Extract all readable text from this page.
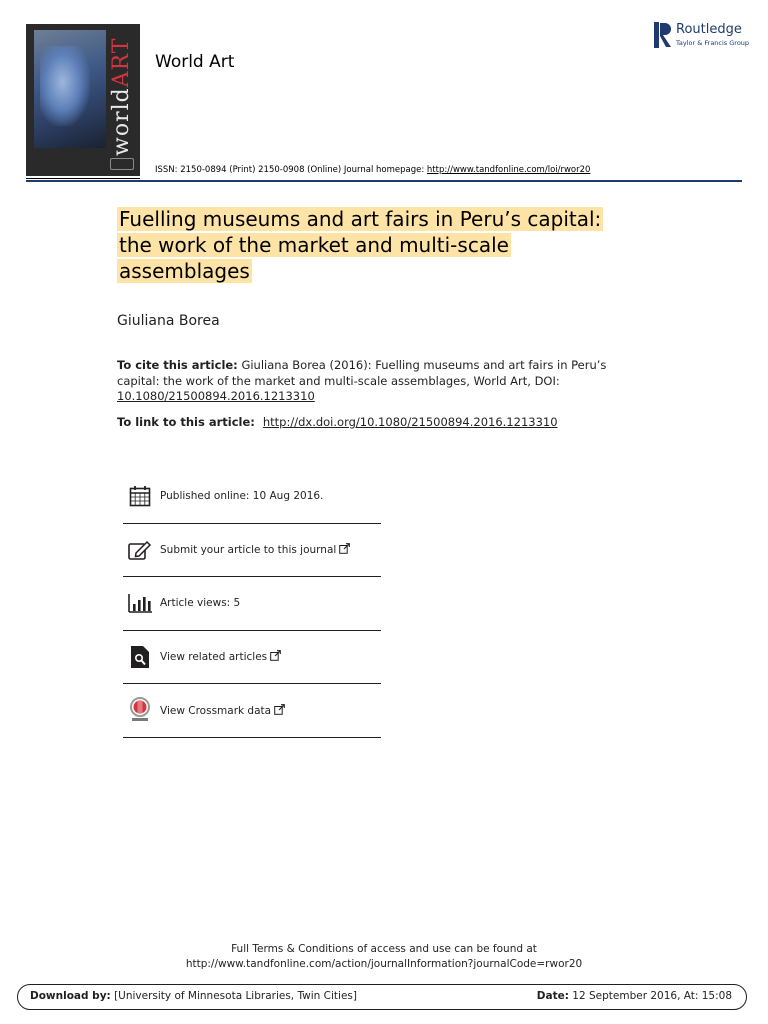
worldART World Art
ISSN: 2150-0894 (Print) 2150-0908 (Online) Journal homepage: http://www.tandfonline.com/loi/rwor20
Routledge
Taylor & Francis Group
Fuelling museums and art fairs in Peru’s capital: the work of the market and multi-scale assemblages
Giuliana Borea
To cite this article: Giuliana Borea (2016): Fuelling museums and art fairs in Peru’s capital: the work of the market and multi-scale assemblages, World Art, DOI: 10.1080/21500894.2016.1213310
To link to this article: http://dx.doi.org/10.1080/21500894.2016.1213310
Published online: 10 Aug 2016.
Submit your article to this journal
Article views: 5
View related articles
View Crossmark data
Full Terms & Conditions of access and use can be found at
http://www.tandfonline.com/action/journalInformation?journalCode=rwor20
Download by: [University of Minnesota Libraries, Twin Cities]	Date: 12 September 2016, At: 15:08
